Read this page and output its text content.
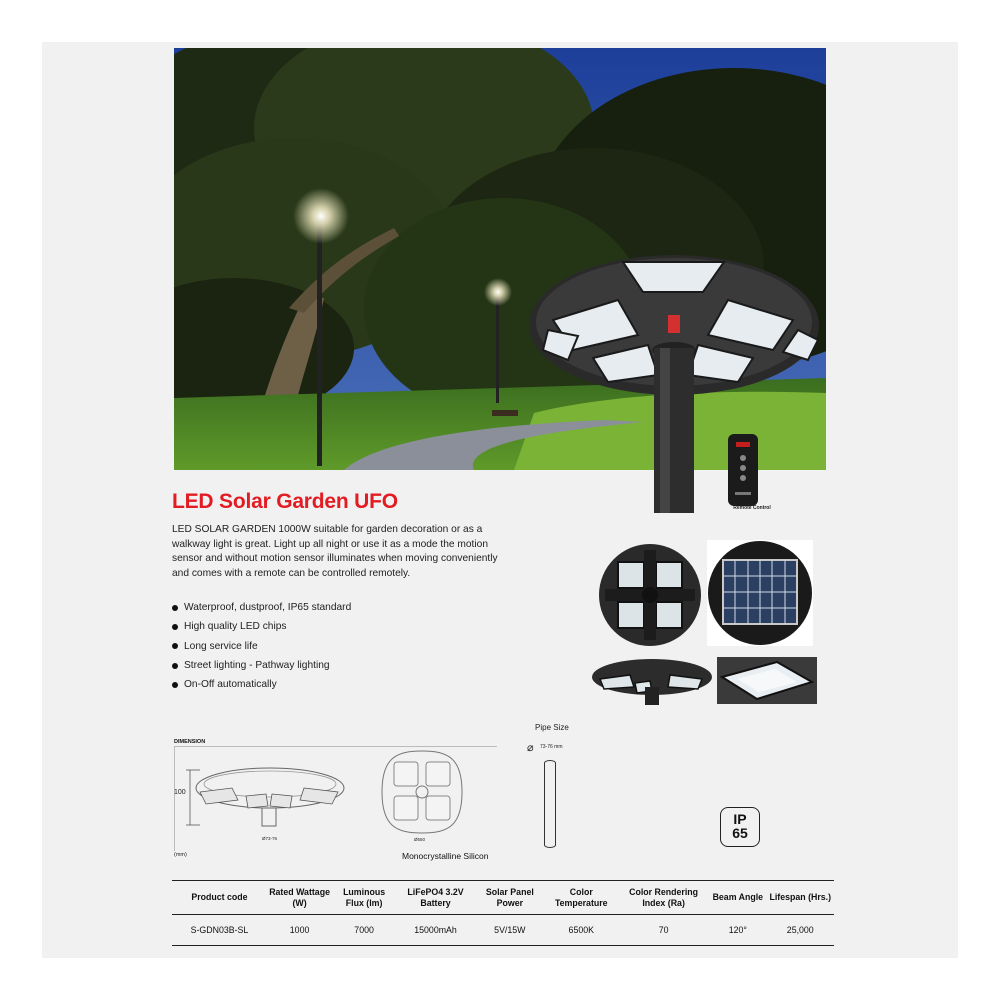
Remote Control
LED Solar Garden UFO
LED SOLAR GARDEN 1000W suitable for garden decoration or as a walkway light is great. Light up all night or use it as a mode the motion sensor and without motion sensor illuminates when moving conveniently and comes with a remote can be controlled remotely.
Waterproof, dustproof, IP65 standard
High quality LED chips
Long service life
Street lighting - Pathway lighting
On-Off automatically
DIMENSION
100
Ø73-76	Ø550
(mm)	Monocrystalline Silicon
Pipe Size
⌀ 73-76 mm
IP
65
Product code	Rated Wattage (W)	Luminous Flux (lm)	LiFePO4 3.2V Battery	Solar Panel Power	Color Temperature	Color Rendering Index (Ra)	Beam Angle	Lifespan (Hrs.)
S-GDN03B-SL	1000	7000	15000mAh	5V/15W	6500K	70	120°	25,000
